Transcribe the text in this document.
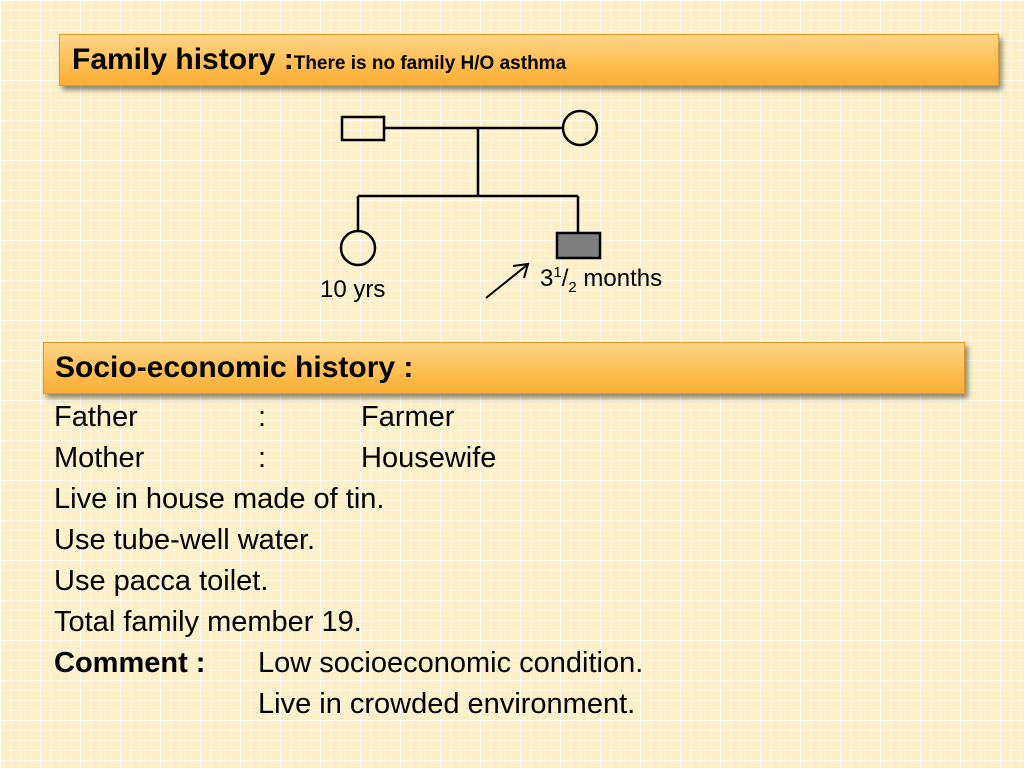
Family history : There is no family H/O asthma
10 yrs	$3^1/_2$ months
Socio-economic history :
Father	:	Farmer
Mother	:	Housewife
Live in house made of tin.
Use tube-well water.
Use pacca toilet.
Total family member 19.
Comment : Low socioeconomic condition.
Live in crowded environment.
